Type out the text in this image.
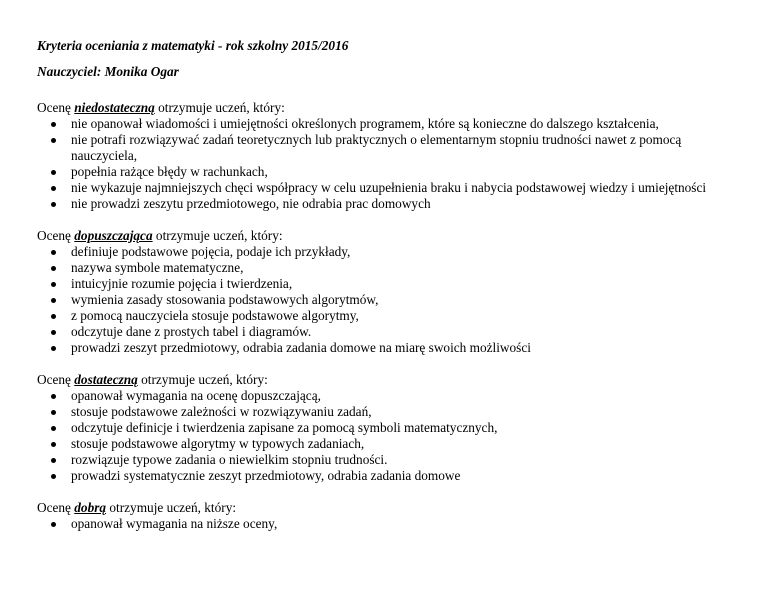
Kryteria oceniania z matematyki - rok szkolny 2015/2016

Nauczyciel: Monika Ogar

Ocenę niedostateczną otrzymuje uczeń, który:

nie opanował wiadomości i umiejętności określonych programem, które są konieczne do dalszego kształcenia,
nie potrafi rozwiązywać zadań teoretycznych lub praktycznych o elementarnym stopniu trudności nawet z pomocą nauczyciela,
popełnia rażące błędy w rachunkach,
nie wykazuje najmniejszych chęci współpracy w celu uzupełnienia braku i nabycia podstawowej wiedzy i umiejętności
nie prowadzi zeszytu przedmiotowego, nie odrabia prac domowych

Ocenę dopuszczająca otrzymuje uczeń, który:

definiuje podstawowe pojęcia, podaje ich przykłady,
nazywa symbole matematyczne,
intuicyjnie rozumie pojęcia i twierdzenia,
wymienia zasady stosowania podstawowych algorytmów,
z pomocą nauczyciela stosuje podstawowe algorytmy,
odczytuje dane z prostych tabel i diagramów.
prowadzi zeszyt przedmiotowy, odrabia zadania domowe na miarę swoich możliwości

Ocenę dostateczną otrzymuje uczeń, który:

opanował wymagania na ocenę dopuszczającą,
stosuje podstawowe zależności w rozwiązywaniu zadań,
odczytuje definicje i twierdzenia zapisane za pomocą symboli matematycznych,
stosuje podstawowe algorytmy w typowych zadaniach,
rozwiązuje typowe zadania o niewielkim stopniu trudności.
prowadzi systematycznie zeszyt przedmiotowy, odrabia zadania domowe

Ocenę dobrą otrzymuje uczeń, który:

opanował wymagania na niższe oceny,
